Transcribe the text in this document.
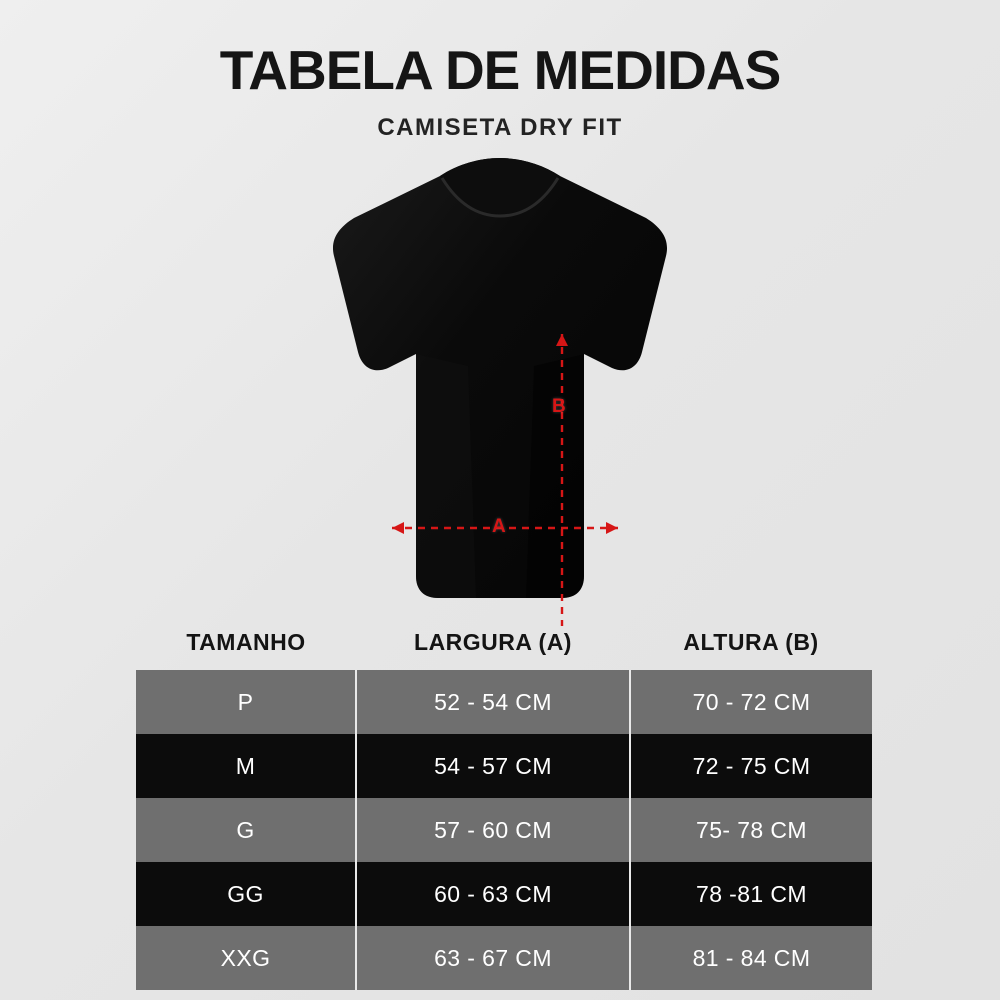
TABELA DE MEDIDAS
CAMISETA DRY FIT
A
B
TAMANHO	LARGURA (A)	ALTURA (B)
P	52 - 54 CM	70 - 72 CM
M	54 - 57 CM	72 - 75 CM
G	57 - 60 CM	75- 78 CM
GG	60 - 63 CM	78 -81 CM
XXG	63 - 67 CM	81 - 84 CM
